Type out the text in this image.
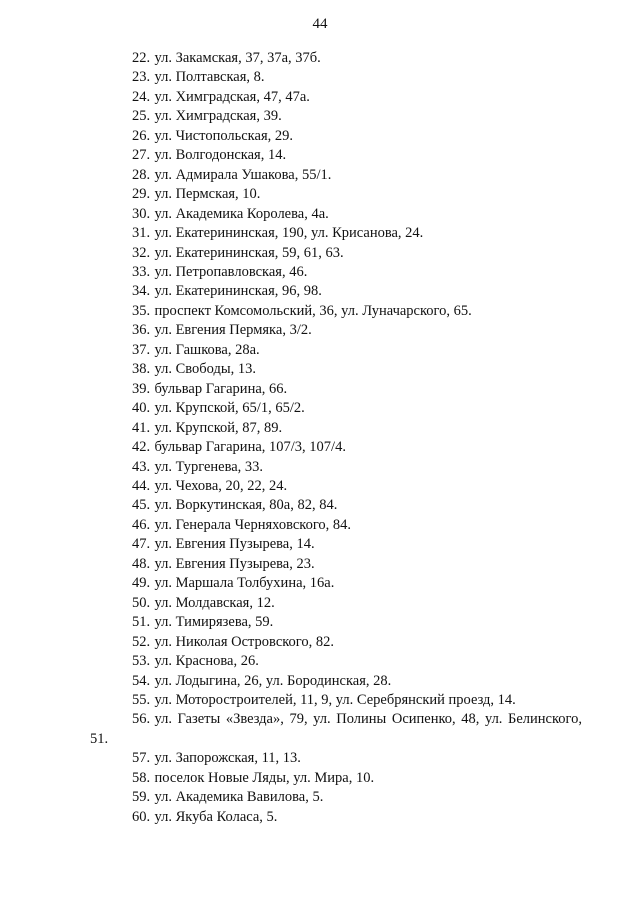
44
22. ул. Закамская, 37, 37а, 37б.
23. ул. Полтавская, 8.
24. ул. Химградская, 47, 47а.
25. ул. Химградская, 39.
26. ул. Чистопольская, 29.
27. ул. Волгодонская, 14.
28. ул. Адмирала Ушакова, 55/1.
29. ул. Пермская, 10.
30. ул. Академика Королева, 4а.
31. ул. Екатерининская, 190, ул. Крисанова, 24.
32. ул. Екатерининская, 59, 61, 63.
33. ул. Петропавловская, 46.
34. ул. Екатерининская, 96, 98.
35. проспект Комсомольский, 36, ул. Луначарского, 65.
36. ул. Евгения Пермяка, 3/2.
37. ул. Гашкова, 28а.
38. ул. Свободы, 13.
39. бульвар Гагарина, 66.
40. ул. Крупской, 65/1, 65/2.
41. ул. Крупской, 87, 89.
42. бульвар Гагарина, 107/3, 107/4.
43. ул. Тургенева, 33.
44. ул. Чехова, 20, 22, 24.
45. ул. Воркутинская, 80а, 82, 84.
46. ул. Генерала Черняховского, 84.
47. ул. Евгения Пузырева, 14.
48. ул. Евгения Пузырева, 23.
49. ул. Маршала Толбухина, 16а.
50. ул. Молдавская, 12.
51. ул. Тимирязева, 59.
52. ул. Николая Островского, 82.
53. ул. Краснова, 26.
54. ул. Лодыгина, 26, ул. Бородинская, 28.
55. ул. Моторостроителей, 11, 9, ул. Серебрянский проезд, 14.
56. ул. Газеты «Звезда», 79, ул. Полины Осипенко, 48, ул. Белинского, 51.
57. ул. Запорожская, 11, 13.
58. поселок Новые Ляды, ул. Мира, 10.
59. ул. Академика Вавилова, 5.
60. ул. Якуба Коласа, 5.
